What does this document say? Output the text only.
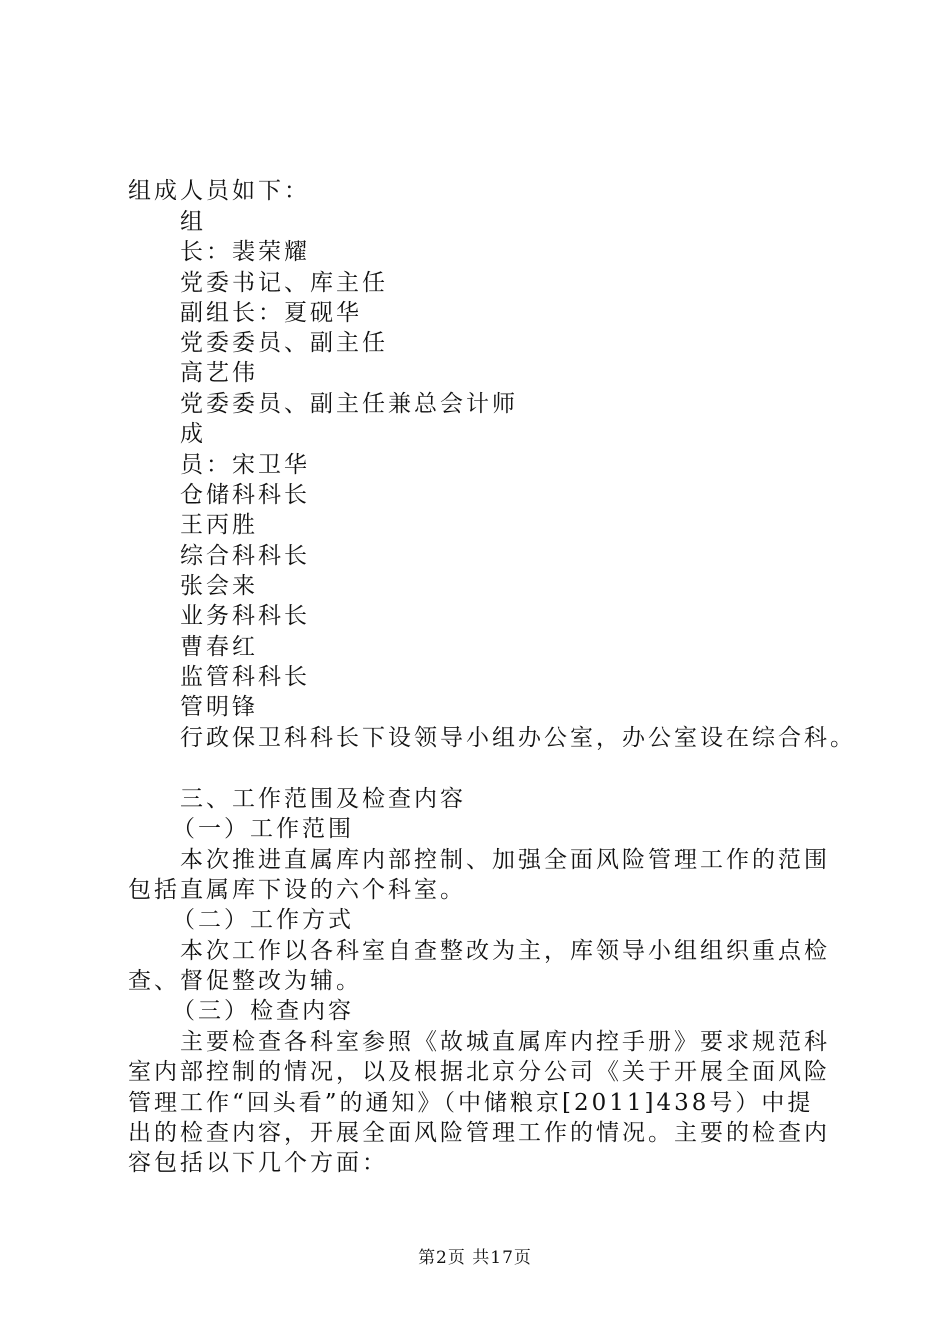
组成人员如下：
组
长：裴荣耀
党委书记、库主任
副组长：夏砚华
党委委员、副主任
高艺伟
党委委员、副主任兼总会计师
成
员：宋卫华
仓储科科长
王丙胜
综合科科长
张会来
业务科科长
曹春红
监管科科长
管明锋
行政保卫科科长下设领导小组办公室，办公室设在综合科。
三、工作范围及检查内容
（一）工作范围
本次推进直属库内部控制、加强全面风险管理工作的范围
包括直属库下设的六个科室。
（二）工作方式
本次工作以各科室自查整改为主，库领导小组组织重点检
查、督促整改为辅。
（三）检查内容
主要检查各科室参照《故城直属库内控手册》要求规范科
室内部控制的情况，以及根据北京分公司《关于开展全面风险
管理工作“回头看”的通知》（中储粮京[2011]438号）中提
出的检查内容，开展全面风险管理工作的情况。主要的检查内
容包括以下几个方面：
第2页 共17页
